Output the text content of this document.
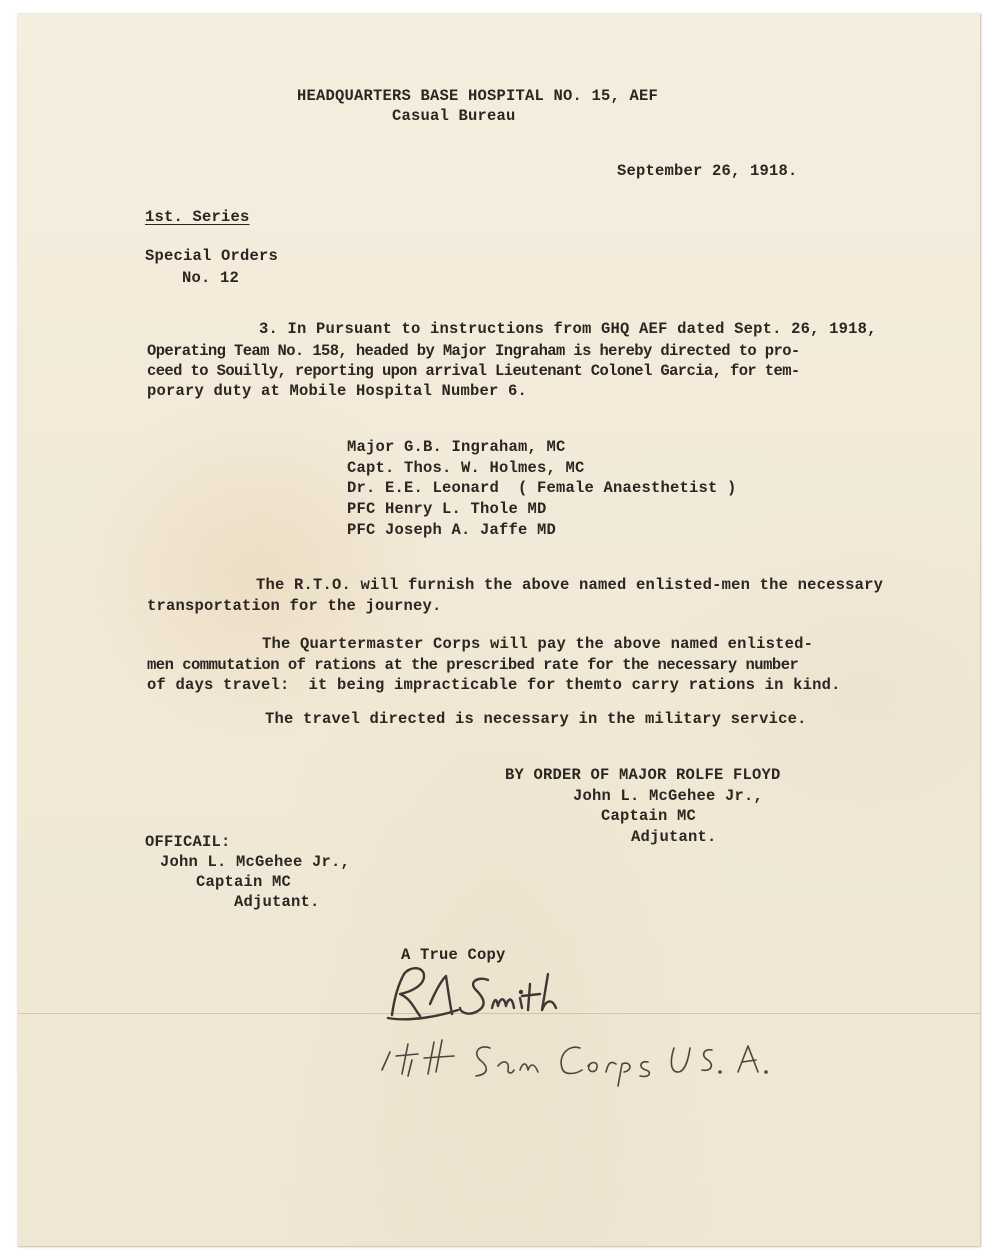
HEADQUARTERS BASE HOSPITAL NO. 15, AEF
Casual Bureau
September 26, 1918.
1st. Series
Special Orders
No. 12
3. In Pursuant to instructions from GHQ AEF dated Sept. 26, 1918,
Operating Team No. 158, headed by Major Ingraham is hereby directed to pro-
ceed to Souilly, reporting upon arrival Lieutenant Colonel Garcia, for tem-
porary duty at Mobile Hospital Number 6.
Major G.B. Ingraham, MC
Capt. Thos. W. Holmes, MC
Dr. E.E. Leonard  ( Female Anaesthetist )
PFC Henry L. Thole MD
PFC Joseph A. Jaffe MD
The R.T.O. will furnish the above named enlisted-men the necessary
transportation for the journey.
The Quartermaster Corps will pay the above named enlisted-
men commutation of rations at the prescribed rate for the necessary number
of days travel:  it being impracticable for themto carry rations in kind.
The travel directed is necessary in the military service.
BY ORDER OF MAJOR ROLFE FLOYD
John L. McGehee Jr.,
Captain MC
Adjutant.
OFFICAIL:
John L. McGehee Jr.,
Captain MC
Adjutant.
A True Copy
